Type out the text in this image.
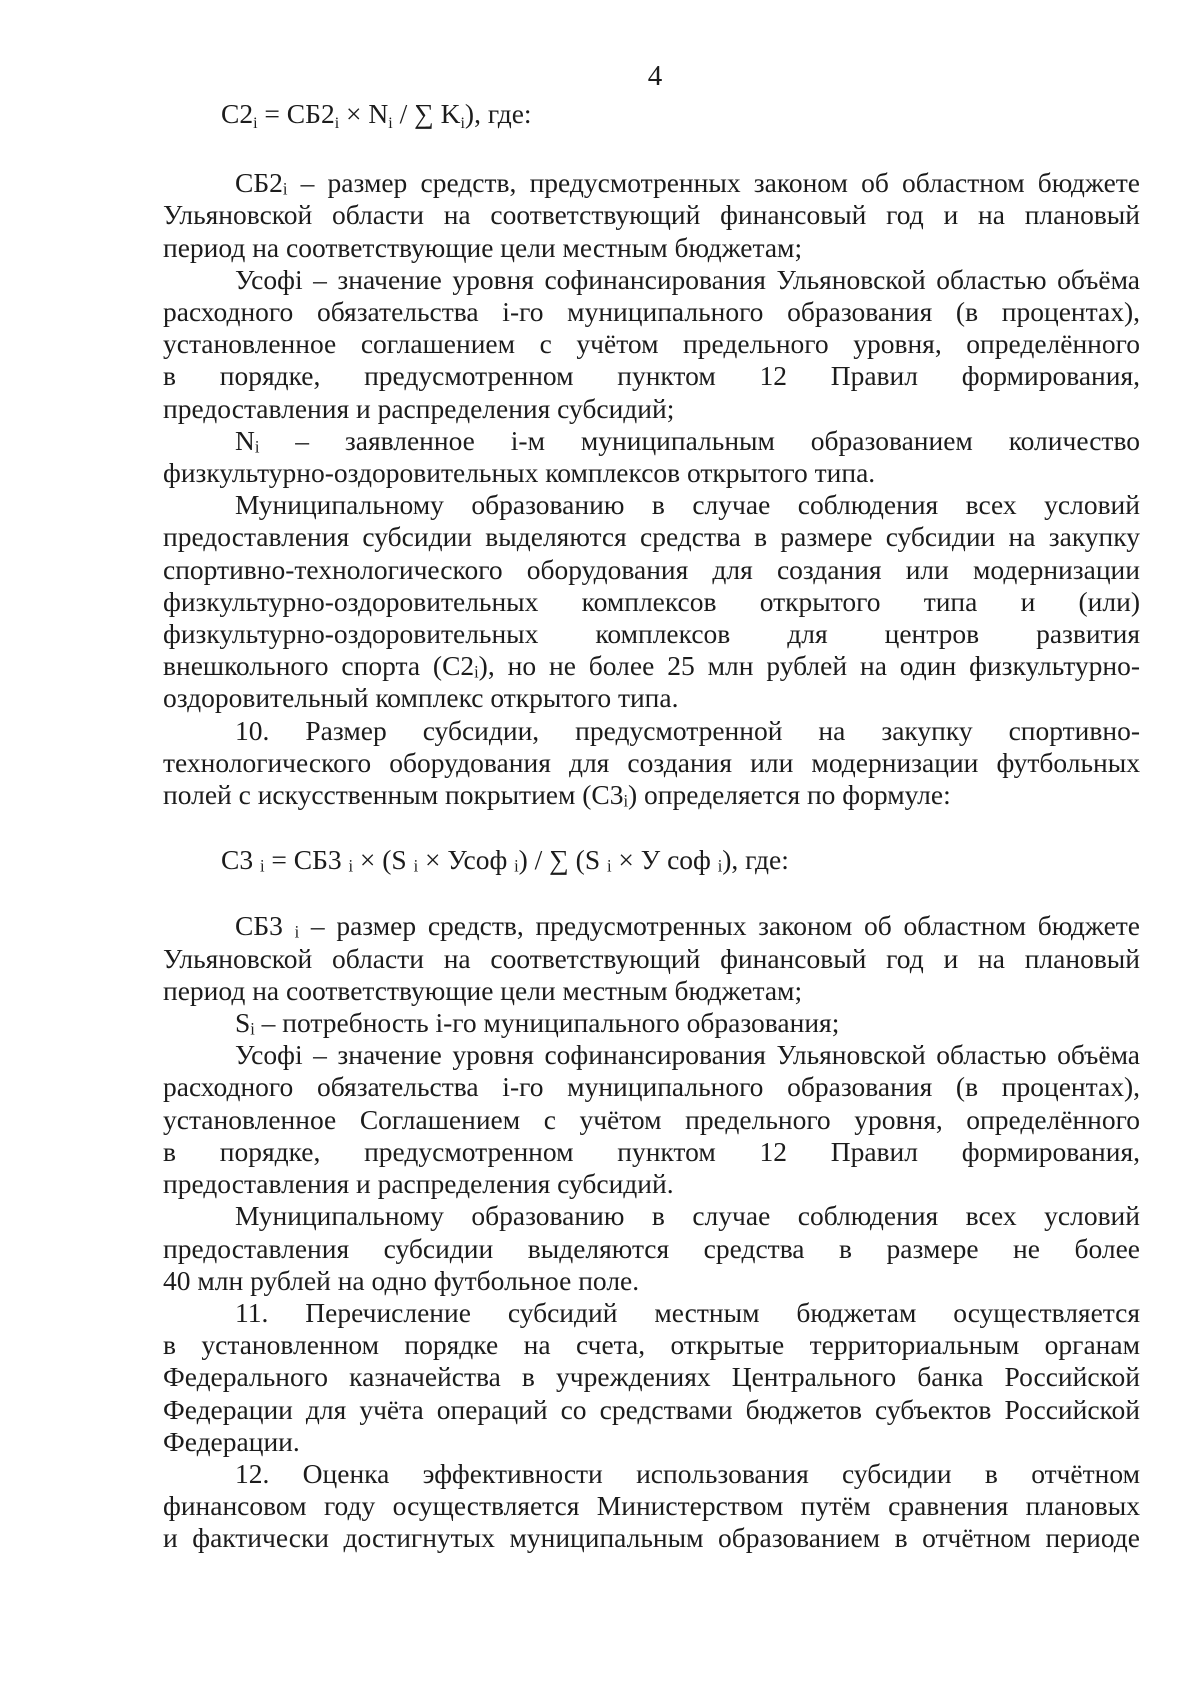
4

$С2_i = СБ2_i \times N_i$ / ∑ $K_i$), где:

СБ2ᵢ – размер средств, предусмотренных законом об областном бюджете
Ульяновской области на соответствующий финансовый год и на плановый
период на соответствующие цели местным бюджетам;
Усофі – значение уровня софинансирования Ульяновской областью объёма
расходного обязательства і-го муниципального образования (в процентах),
установленное соглашением с учётом предельного уровня, определённого
в порядке, предусмотренном пунктом 12 Правил формирования,
предоставления и распределения субсидий;
Nᵢ – заявленное і-м муниципальным образованием количество
физкультурно-оздоровительных комплексов открытого типа.
Муниципальному образованию в случае соблюдения всех условий
предоставления субсидии выделяются средства в размере субсидии на закупку
спортивно-технологического оборудования для создания или модернизации
физкультурно-оздоровительных комплексов открытого типа и (или)
физкультурно-оздоровительных комплексов для центров развития
внешкольного спорта (С2ᵢ), но не более 25 млн рублей на один физкультурно-
оздоровительный комплекс открытого типа.
10. Размер субсидии, предусмотренной на закупку спортивно-
технологического оборудования для создания или модернизации футбольных
полей с искусственным покрытием (С3ᵢ) определяется по формуле:

С3 ᵢ = СБ3 ᵢ × (S ᵢ × Усоф ᵢ) / ∑ (S ᵢ × У соф ᵢ), где:

СБ3 ᵢ – размер средств, предусмотренных законом об областном бюджете
Ульяновской области на соответствующий финансовый год и на плановый
период на соответствующие цели местным бюджетам;
Sᵢ – потребность і-го муниципального образования;
Усофі – значение уровня софинансирования Ульяновской областью объёма
расходного обязательства і-го муниципального образования (в процентах),
установленное Соглашением с учётом предельного уровня, определённого
в порядке, предусмотренном пунктом 12 Правил формирования,
предоставления и распределения субсидий.
Муниципальному образованию в случае соблюдения всех условий
предоставления субсидии выделяются средства в размере не более
40 млн рублей на одно футбольное поле.
11. Перечисление субсидий местным бюджетам осуществляется
в установленном порядке на счета, открытые территориальным органам
Федерального казначейства в учреждениях Центрального банка Российской
Федерации для учёта операций со средствами бюджетов субъектов Российской
Федерации.
12. Оценка эффективности использования субсидии в отчётном
финансовом году осуществляется Министерством путём сравнения плановых
и фактически достигнутых муниципальным образованием в отчётном периоде
